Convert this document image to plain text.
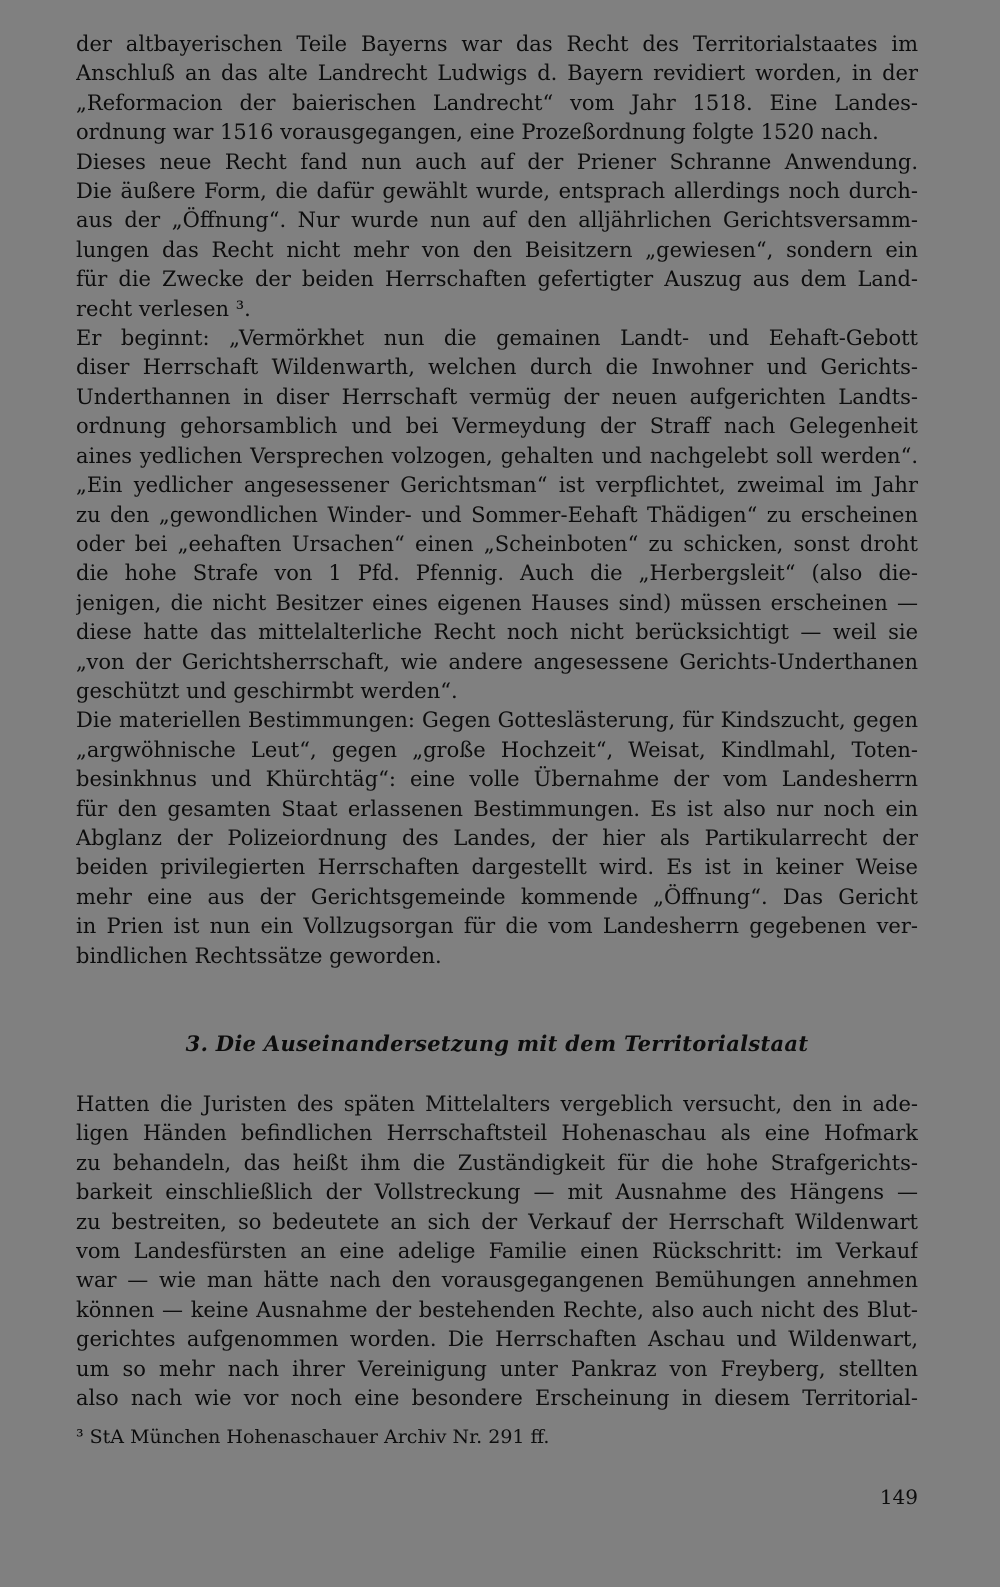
der altbayerischen Teile Bayerns war das Recht des Territorialstaates im
Anschluß an das alte Landrecht Ludwigs d. Bayern revidiert worden, in der
„Reformacion der baierischen Landrecht“ vom Jahr 1518. Eine Landes-
ordnung war 1516 vorausgegangen, eine Prozeßordnung folgte 1520 nach.

Dieses neue Recht fand nun auch auf der Priener Schranne Anwendung.
Die äußere Form, die dafür gewählt wurde, entsprach allerdings noch durch-
aus der „Öffnung“. Nur wurde nun auf den alljährlichen Gerichtsversamm-
lungen das Recht nicht mehr von den Beisitzern „gewiesen“, sondern ein
für die Zwecke der beiden Herrschaften gefertigter Auszug aus dem Land-
recht verlesen ³.

Er beginnt: „Vermörkhet nun die gemainen Landt- und Eehaft-Gebott
diser Herrschaft Wildenwarth, welchen durch die Inwohner und Gerichts-
Underthannen in diser Herrschaft vermüg der neuen aufgerichten Landts-
ordnung gehorsamblich und bei Vermeydung der Straff nach Gelegenheit
aines yedlichen Versprechen volzogen, gehalten und nachgelebt soll werden“.
„Ein yedlicher angesessener Gerichtsman“ ist verpflichtet, zweimal im Jahr
zu den „gewondlichen Winder- und Sommer-Eehaft Thädigen“ zu erscheinen
oder bei „eehaften Ursachen“ einen „Scheinboten“ zu schicken, sonst droht
die hohe Strafe von 1 Pfd. Pfennig. Auch die „Herbergsleit“ (also die-
jenigen, die nicht Besitzer eines eigenen Hauses sind) müssen erscheinen —
diese hatte das mittelalterliche Recht noch nicht berücksichtigt — weil sie
„von der Gerichtsherrschaft, wie andere angesessene Gerichts-Underthanen
geschützt und geschirmbt werden“.

Die materiellen Bestimmungen: Gegen Gotteslästerung, für Kindszucht, gegen
„argwöhnische Leut“, gegen „große Hochzeit“, Weisat, Kindlmahl, Toten-
besinkhnus und Khürchtäg“: eine volle Übernahme der vom Landesherrn
für den gesamten Staat erlassenen Bestimmungen. Es ist also nur noch ein
Abglanz der Polizeiordnung des Landes, der hier als Partikularrecht der
beiden privilegierten Herrschaften dargestellt wird. Es ist in keiner Weise
mehr eine aus der Gerichtsgemeinde kommende „Öffnung“. Das Gericht
in Prien ist nun ein Vollzugsorgan für die vom Landesherrn gegebenen ver-
bindlichen Rechtssätze geworden.

3. Die Auseinandersetzung mit dem Territorialstaat

Hatten die Juristen des späten Mittelalters vergeblich versucht, den in ade-
ligen Händen befindlichen Herrschaftsteil Hohenaschau als eine Hofmark
zu behandeln, das heißt ihm die Zuständigkeit für die hohe Strafgerichts-
barkeit einschließlich der Vollstreckung — mit Ausnahme des Hängens —
zu bestreiten, so bedeutete an sich der Verkauf der Herrschaft Wildenwart
vom Landesfürsten an eine adelige Familie einen Rückschritt: im Verkauf
war — wie man hätte nach den vorausgegangenen Bemühungen annehmen
können — keine Ausnahme der bestehenden Rechte, also auch nicht des Blut-
gerichtes aufgenommen worden. Die Herrschaften Aschau und Wildenwart,
um so mehr nach ihrer Vereinigung unter Pankraz von Freyberg, stellten
also nach wie vor noch eine besondere Erscheinung in diesem Territorial-

³ StA München Hohenaschauer Archiv Nr. 291 ff.
149
